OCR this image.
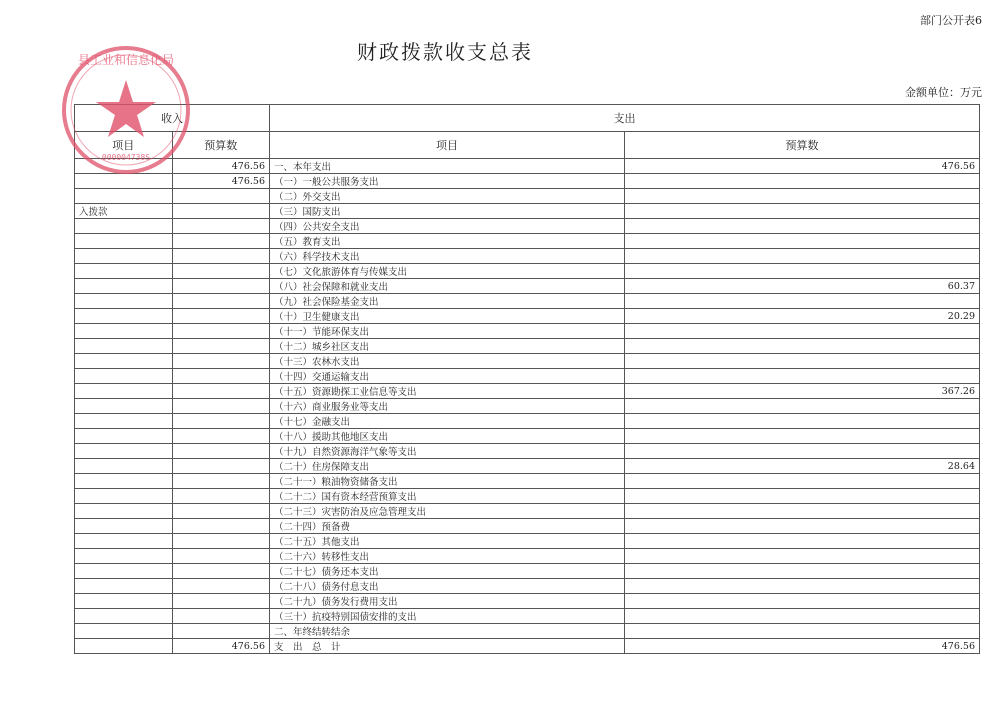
部门公开表6
财政拨款收支总表
金额单位：万元
收入		支出	
项目	预算数	项目	预算数
	476.56	一、本年支出	476.56
	476.56	（一）一般公共服务支出	
		（二）外交支出	
入拨款		（三）国防支出	
		（四）公共安全支出	
		（五）教育支出	
		（六）科学技术支出	
		（七）文化旅游体育与传媒支出	
		（八）社会保障和就业支出	60.37
		（九）社会保险基金支出	
		（十）卫生健康支出	20.29
		（十一）节能环保支出	
		（十二）城乡社区支出	
		（十三）农林水支出	
		（十四）交通运输支出	
		（十五）资源勘探工业信息等支出	367.26
		（十六）商业服务业等支出	
		（十七）金融支出	
		（十八）援助其他地区支出	
		（十九）自然资源海洋气象等支出	
		（二十）住房保障支出	28.64
		（二十一）粮油物资储备支出	
		（二十二）国有资本经营预算支出	
		（二十三）灾害防治及应急管理支出	
		（二十四）预备费	
		（二十五）其他支出	
		（二十六）转移性支出	
		（二十七）债务还本支出	
		（二十八）债务付息支出	
		（二十九）债务发行费用支出	
		（三十）抗疫特别国债安排的支出	
		二、年终结转结余	
	476.56	支　出　总　计	476.56
县工业和信息化局
000004738S
